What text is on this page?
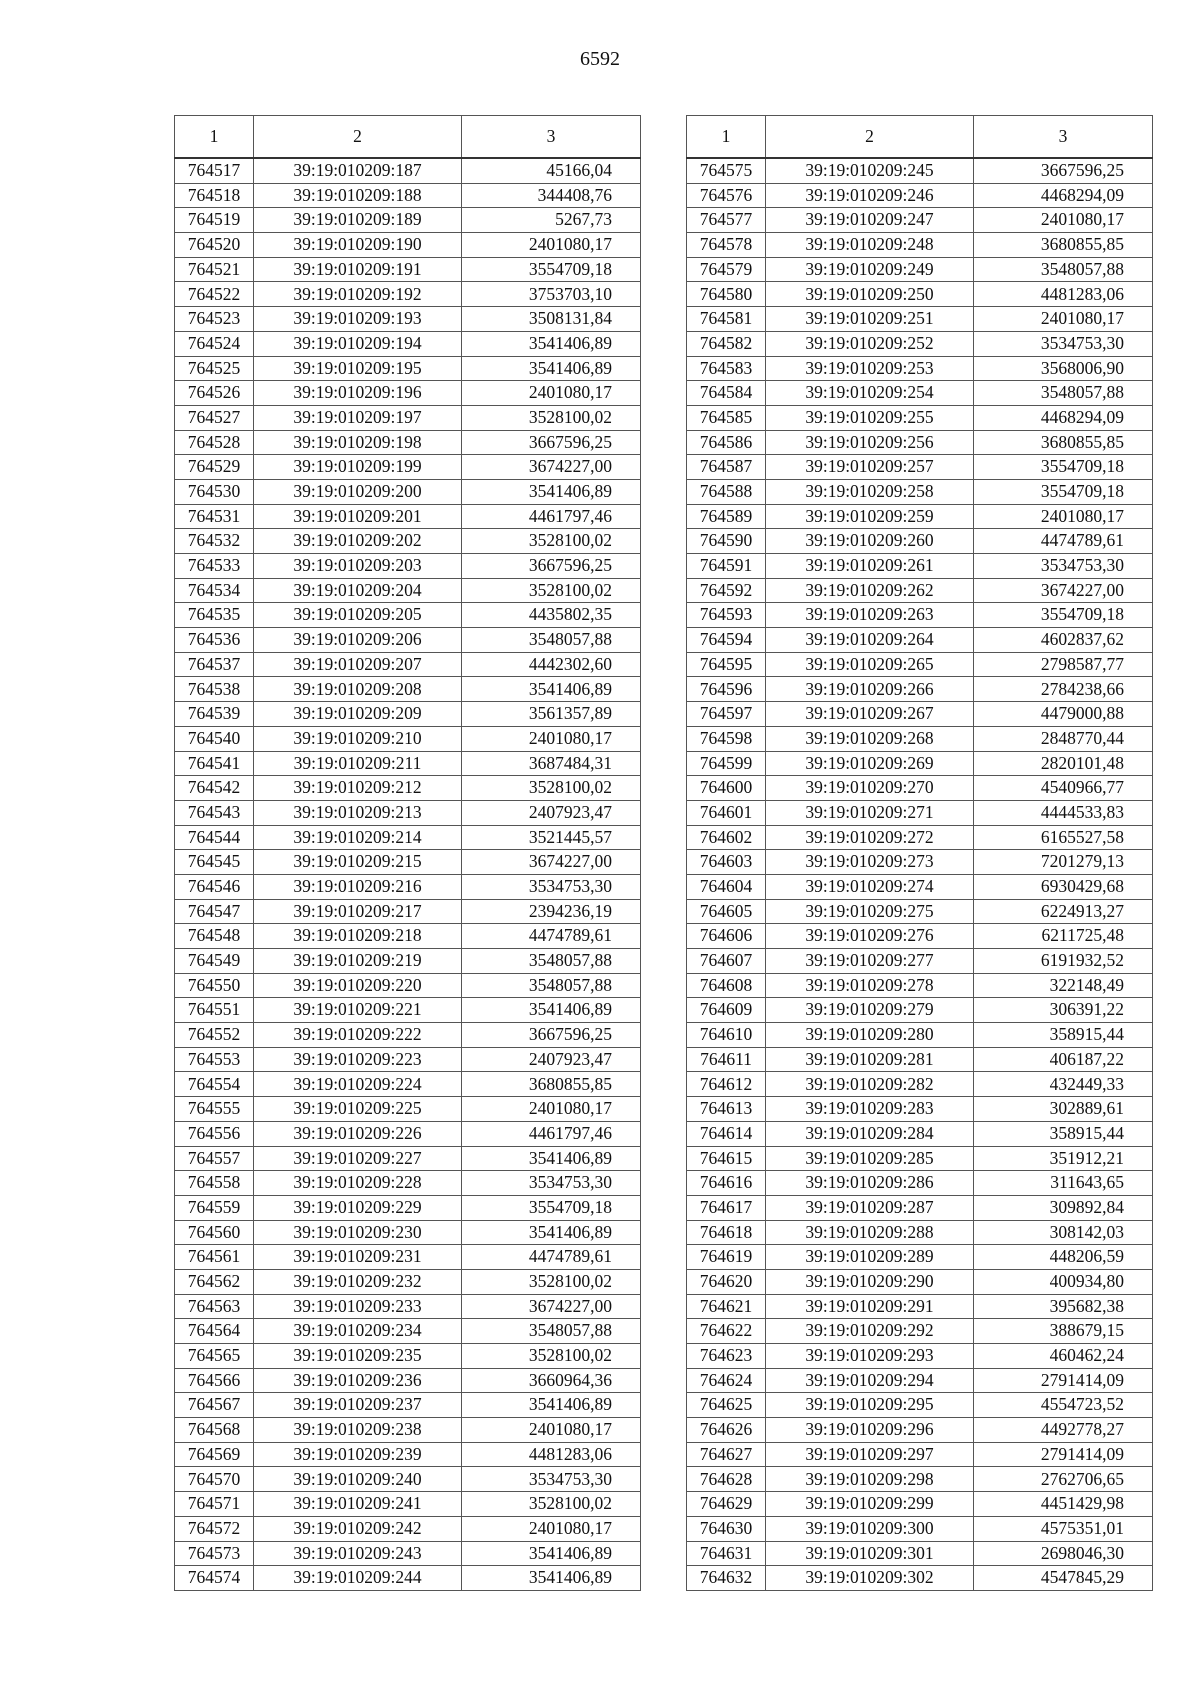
6592
1	2	3
764517	39:19:010209:187	45166,04
764518	39:19:010209:188	344408,76
764519	39:19:010209:189	5267,73
764520	39:19:010209:190	2401080,17
764521	39:19:010209:191	3554709,18
764522	39:19:010209:192	3753703,10
764523	39:19:010209:193	3508131,84
764524	39:19:010209:194	3541406,89
764525	39:19:010209:195	3541406,89
764526	39:19:010209:196	2401080,17
764527	39:19:010209:197	3528100,02
764528	39:19:010209:198	3667596,25
764529	39:19:010209:199	3674227,00
764530	39:19:010209:200	3541406,89
764531	39:19:010209:201	4461797,46
764532	39:19:010209:202	3528100,02
764533	39:19:010209:203	3667596,25
764534	39:19:010209:204	3528100,02
764535	39:19:010209:205	4435802,35
764536	39:19:010209:206	3548057,88
764537	39:19:010209:207	4442302,60
764538	39:19:010209:208	3541406,89
764539	39:19:010209:209	3561357,89
764540	39:19:010209:210	2401080,17
764541	39:19:010209:211	3687484,31
764542	39:19:010209:212	3528100,02
764543	39:19:010209:213	2407923,47
764544	39:19:010209:214	3521445,57
764545	39:19:010209:215	3674227,00
764546	39:19:010209:216	3534753,30
764547	39:19:010209:217	2394236,19
764548	39:19:010209:218	4474789,61
764549	39:19:010209:219	3548057,88
764550	39:19:010209:220	3548057,88
764551	39:19:010209:221	3541406,89
764552	39:19:010209:222	3667596,25
764553	39:19:010209:223	2407923,47
764554	39:19:010209:224	3680855,85
764555	39:19:010209:225	2401080,17
764556	39:19:010209:226	4461797,46
764557	39:19:010209:227	3541406,89
764558	39:19:010209:228	3534753,30
764559	39:19:010209:229	3554709,18
764560	39:19:010209:230	3541406,89
764561	39:19:010209:231	4474789,61
764562	39:19:010209:232	3528100,02
764563	39:19:010209:233	3674227,00
764564	39:19:010209:234	3548057,88
764565	39:19:010209:235	3528100,02
764566	39:19:010209:236	3660964,36
764567	39:19:010209:237	3541406,89
764568	39:19:010209:238	2401080,17
764569	39:19:010209:239	4481283,06
764570	39:19:010209:240	3534753,30
764571	39:19:010209:241	3528100,02
764572	39:19:010209:242	2401080,17
764573	39:19:010209:243	3541406,89
764574	39:19:010209:244	3541406,89
1	2	3
764575	39:19:010209:245	3667596,25
764576	39:19:010209:246	4468294,09
764577	39:19:010209:247	2401080,17
764578	39:19:010209:248	3680855,85
764579	39:19:010209:249	3548057,88
764580	39:19:010209:250	4481283,06
764581	39:19:010209:251	2401080,17
764582	39:19:010209:252	3534753,30
764583	39:19:010209:253	3568006,90
764584	39:19:010209:254	3548057,88
764585	39:19:010209:255	4468294,09
764586	39:19:010209:256	3680855,85
764587	39:19:010209:257	3554709,18
764588	39:19:010209:258	3554709,18
764589	39:19:010209:259	2401080,17
764590	39:19:010209:260	4474789,61
764591	39:19:010209:261	3534753,30
764592	39:19:010209:262	3674227,00
764593	39:19:010209:263	3554709,18
764594	39:19:010209:264	4602837,62
764595	39:19:010209:265	2798587,77
764596	39:19:010209:266	2784238,66
764597	39:19:010209:267	4479000,88
764598	39:19:010209:268	2848770,44
764599	39:19:010209:269	2820101,48
764600	39:19:010209:270	4540966,77
764601	39:19:010209:271	4444533,83
764602	39:19:010209:272	6165527,58
764603	39:19:010209:273	7201279,13
764604	39:19:010209:274	6930429,68
764605	39:19:010209:275	6224913,27
764606	39:19:010209:276	6211725,48
764607	39:19:010209:277	6191932,52
764608	39:19:010209:278	322148,49
764609	39:19:010209:279	306391,22
764610	39:19:010209:280	358915,44
764611	39:19:010209:281	406187,22
764612	39:19:010209:282	432449,33
764613	39:19:010209:283	302889,61
764614	39:19:010209:284	358915,44
764615	39:19:010209:285	351912,21
764616	39:19:010209:286	311643,65
764617	39:19:010209:287	309892,84
764618	39:19:010209:288	308142,03
764619	39:19:010209:289	448206,59
764620	39:19:010209:290	400934,80
764621	39:19:010209:291	395682,38
764622	39:19:010209:292	388679,15
764623	39:19:010209:293	460462,24
764624	39:19:010209:294	2791414,09
764625	39:19:010209:295	4554723,52
764626	39:19:010209:296	4492778,27
764627	39:19:010209:297	2791414,09
764628	39:19:010209:298	2762706,65
764629	39:19:010209:299	4451429,98
764630	39:19:010209:300	4575351,01
764631	39:19:010209:301	2698046,30
764632	39:19:010209:302	4547845,29
